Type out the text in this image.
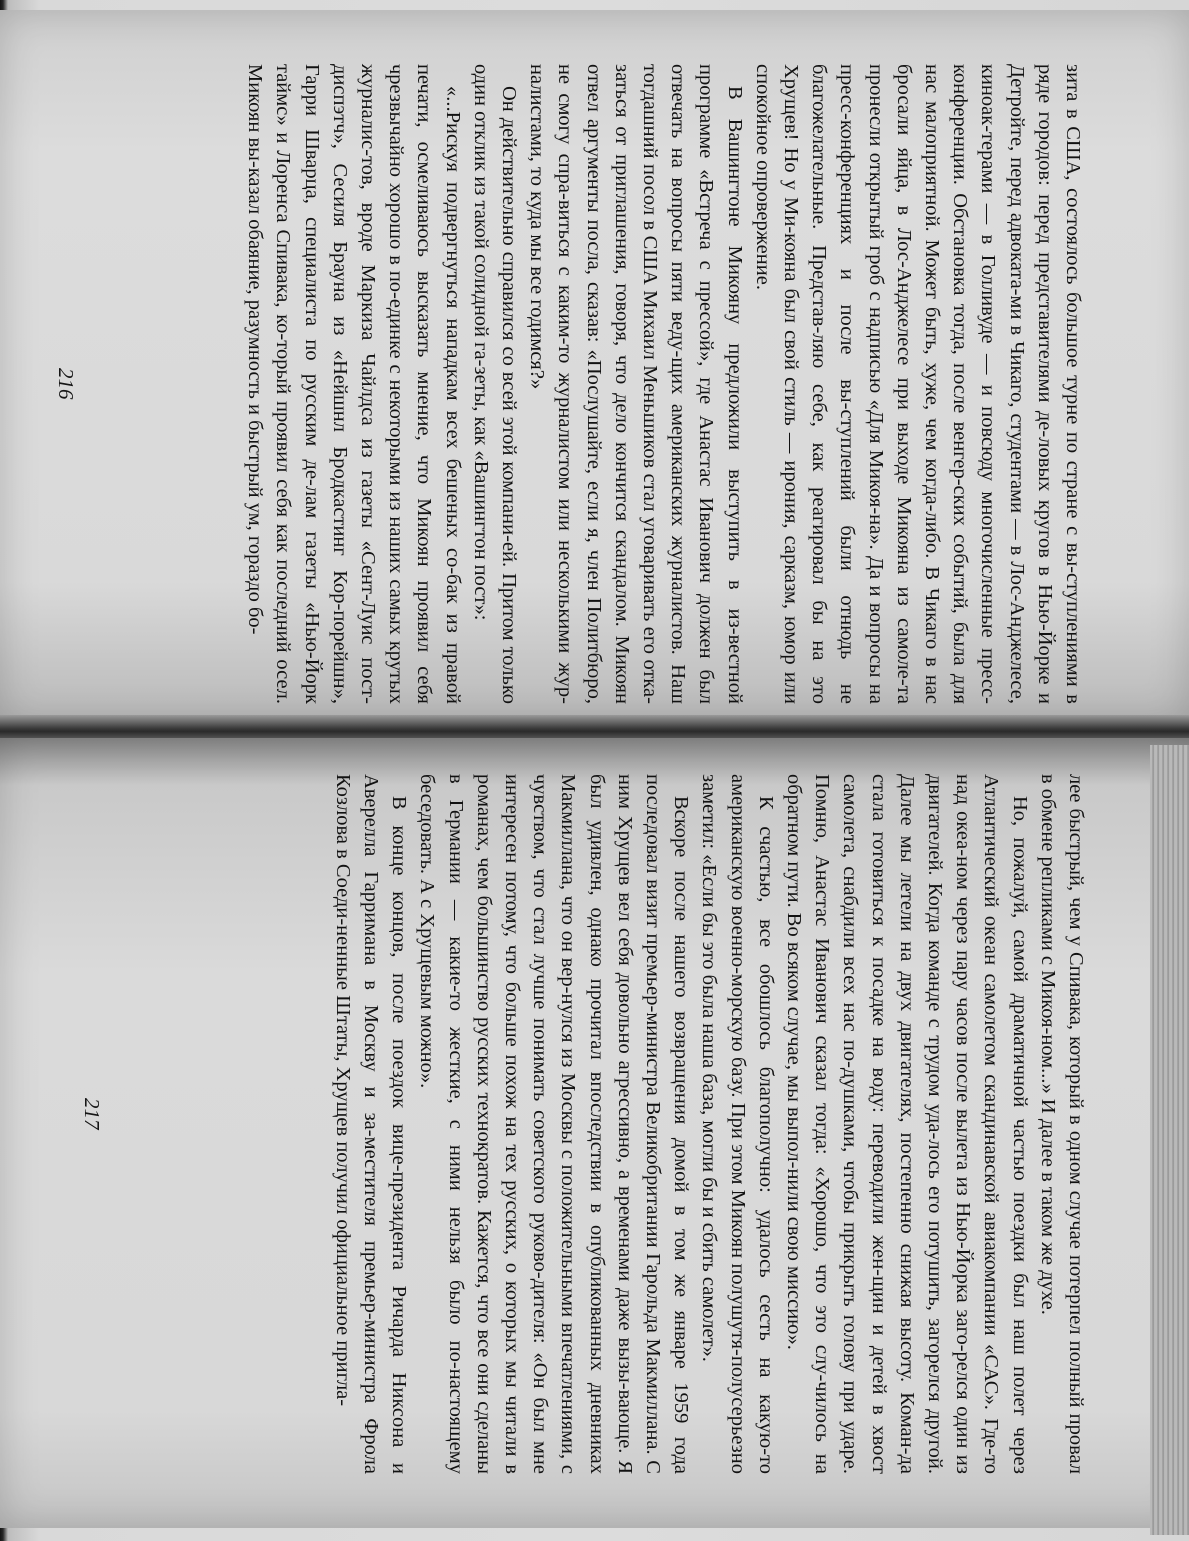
зита в США, состоялось большое турне по стране с вы-ступлениями в ряде городов: перед представителями де-ловых кругов в Нью-Йорке и Детройте, перед адвоката-ми в Чикаго, студентами — в Лос-Анджелесе, киноак-терами — в Голливуде — и повсюду многочисленные пресс-конференции. Обстановка тогда, после венгер-ских событий, была для нас малоприятной. Может быть, хуже, чем когда-либо. В Чикаго в нас бросали яйца, в Лос-Анджелесе при выходе Микояна из самоле-та пронесли открытый гроб с надписью «Для Микоя-на». Да и вопросы на пресс-конференциях и после вы-ступлений были отнюдь не благожелательные. Представ-ляю себе, как реагировал бы на это Хрущев! Но у Ми-кояна был свой стиль — ирония, сарказм, юмор или спокойное опровержение.

В Вашингтоне Микояну предложили выступить в из-вестной программе «Встреча с прессой», где Анастас Иванович должен был отвечать на вопросы пяти веду-щих американских журналистов. Наш тогдашний посол в США Михаил Меньшиков стал уговаривать его отка-заться от приглашения, говоря, что дело кончится скандалом. Микоян отвел аргументы посла, сказав: «Послушайте, если я, член Политбюро, не смогу спра-виться с каким-то журналистом или несколькими жур-налистами, то куда мы все годимся?»

Он действительно справился со всей этой компани-ей. Притом только один отклик из такой солидной га-зеты, как «Вашингтон пост»:

«...Рискуя подвергнуться нападкам всех бешеных со-бак из правой печати, осмеливаюсь высказать мнение, что Микоян проявил себя чрезвычайно хорошо в по-единке с некоторыми из наших самых крутых журналис-тов, вроде Маркиза Чайлдса из газеты «Сент-Луис пост-диспэтч», Сесиля Брауна из «Нейшнл Бродкастинг Кор-порейшн», Гарри Шварца, специалиста по русским де-лам газеты «Нью-Йорк таймс» и Лоренса Спивака, ко-торый проявил себя как последний осел. Микоян вы-казал обаяние, разумность и быстрый ум, гораздо бо-

216

лее быстрый, чем у Спивака, который в одном случае потерпел полный провал в обмене репликами с Микоя-ном...» И далее в таком же духе.

Но, пожалуй, самой драматичной частью поездки был наш полет через Атлантический океан самолетом скандинавской авиакомпании «САС». Где-то над океа-ном через пару часов после вылета из Нью-Йорка заго-релся один из двигателей. Когда команде с трудом уда-лось его потушить, загорелся другой. Далее мы летели на двух двигателях, постепенно снижая высоту. Коман-да стала готовиться к посадке на воду: переводили жен-щин и детей в хвост самолета, снабдили всех нас по-душками, чтобы прикрыть голову при ударе. Помню, Анастас Иванович сказал тогда: «Хорошо, что это слу-чилось на обратном пути. Во всяком случае, мы выпол-нили свою миссию».

К счастью, все обошлось благополучно: удалось сесть на какую-то американскую военно-морскую базу. При этом Микоян полушутя-полусерьезно заметил: «Если бы это была наша база, могли бы и сбить самолет».

Вскоре после нашего возвращения домой в том же январе 1959 года последовал визит премьер-министра Великобритании Гарольда Макмиллана. С ним Хрущев вел себя довольно агрессивно, а временами даже вызы-вающе. Я был удивлен, однако прочитал впоследствии в опубликованных дневниках Макмиллана, что он вер-нулся из Москвы с положительными впечатлениями, с чувством, что стал лучше понимать советского руково-дителя: «Он был мне интересен потому, что больше похож на тех русских, о которых мы читали в романах, чем большинство русских технократов. Кажется, что все они сделаны в Германии — какие-то жесткие, с ними нельзя было по-настоящему беседовать. А с Хрущевым можно».

В конце концов, после поездок вице-президента Ричарда Никсона и Аверелла Гарримана в Москву и за-местителя премьер-министра Фрола Козлова в Соеди-ненные Штаты, Хрущев получил официальное пригла-

217
